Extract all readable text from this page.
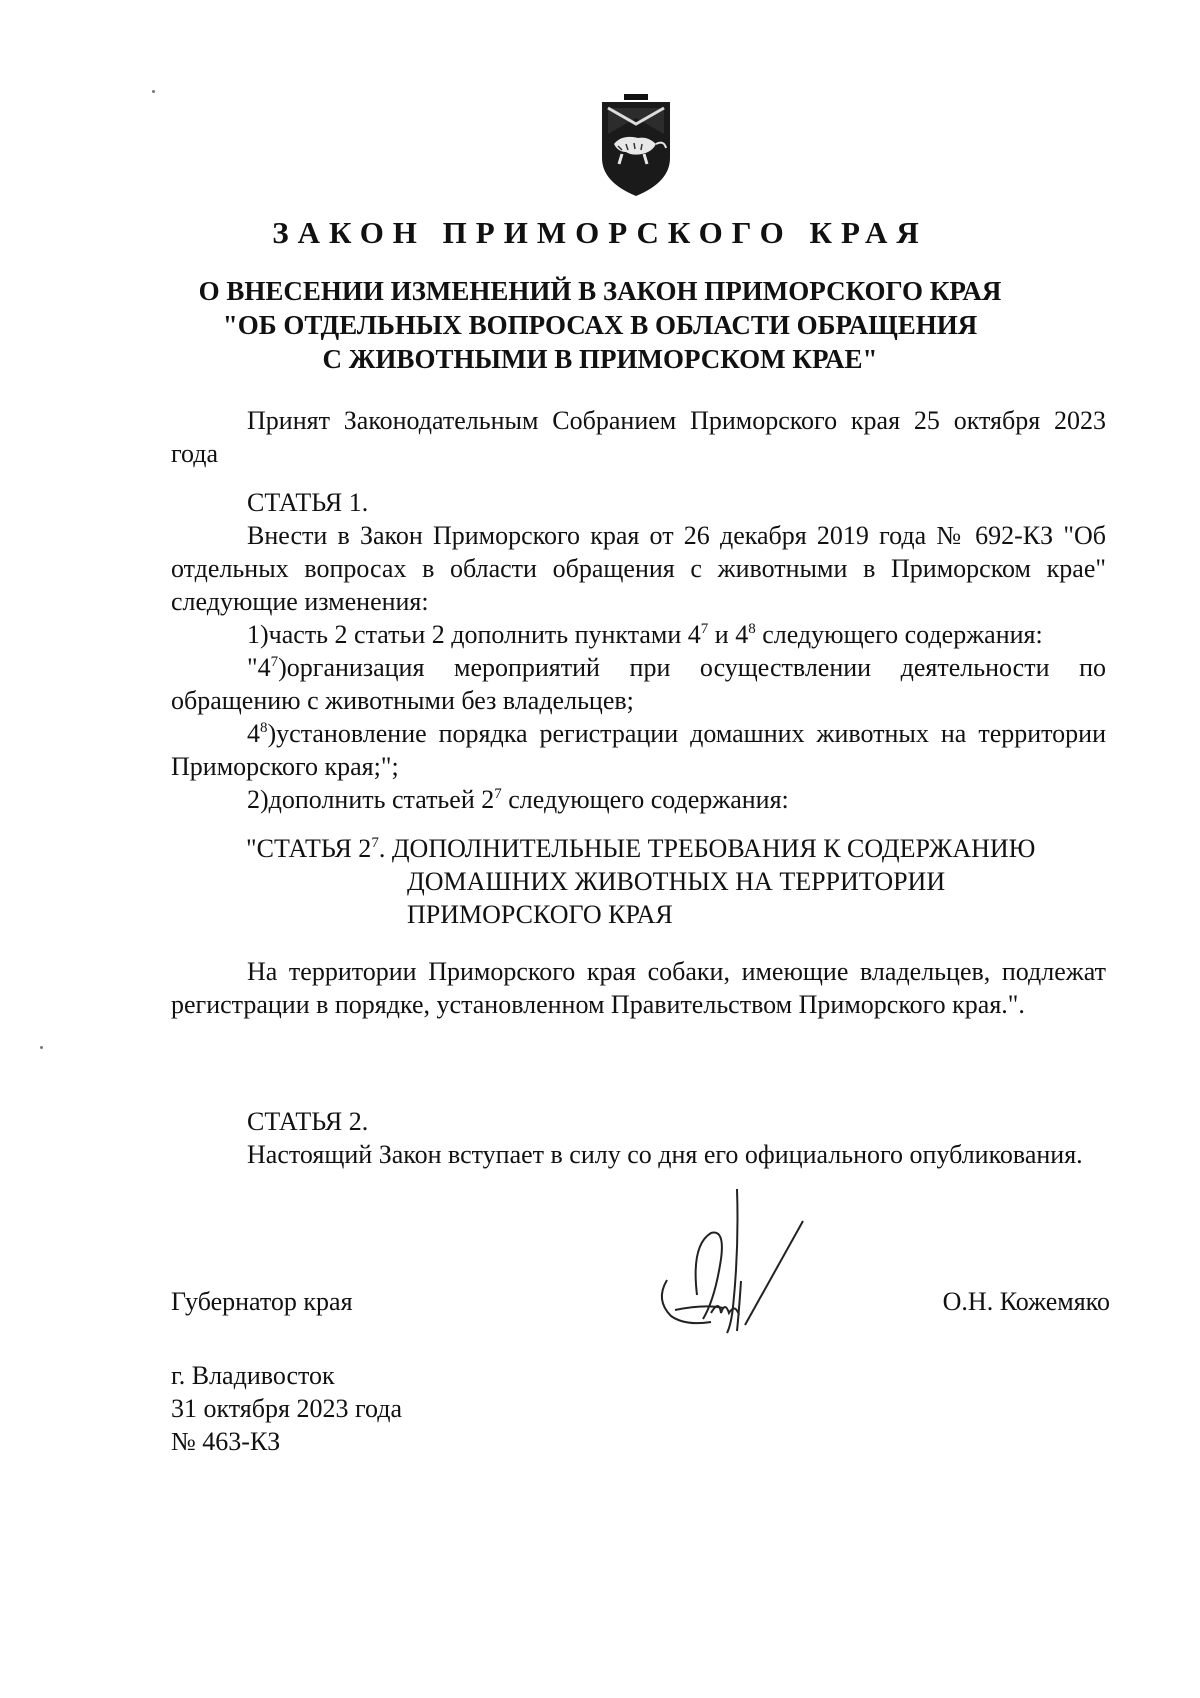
ЗАКОН ПРИМОРСКОГО КРАЯ
О ВНЕСЕНИИ ИЗМЕНЕНИЙ В ЗАКОН ПРИМОРСКОГО КРАЯ
"ОБ ОТДЕЛЬНЫХ ВОПРОСАХ В ОБЛАСТИ ОБРАЩЕНИЯ
С ЖИВОТНЫМИ В ПРИМОРСКОМ КРАЕ"

Принят Законодательным Собранием Приморского края 25 октября 2023 года

СТАТЬЯ 1.

Внести в Закон Приморского края от 26 декабря 2019 года № 692-КЗ "Об отдельных вопросах в области обращения с животными в Приморском крае" следующие изменения:

1)часть 2 статьи 2 дополнить пунктами $4^7$ и $4^8$ следующего содержания:

"$4^7)организация$ мероприятий при осуществлении деятельности по обращению с животными без владельцев;

$4^8)установление$ порядка регистрации домашних животных на территории Приморского края;";

2)дополнить статьей $2^7$ следующего содержания:
"СТАТЬЯ $2^7$. ДОПОЛНИТЕЛЬНЫЕ ТРЕБОВАНИЯ К СОДЕРЖАНИЮ
ДОМАШНИХ ЖИВОТНЫХ НА ТЕРРИТОРИИ
ПРИМОРСКОГО КРАЯ

На территории Приморского края собаки, имеющие владельцев, подлежат регистрации в порядке, установленном Правительством Приморского края.".

СТАТЬЯ 2.

Настоящий Закон вступает в силу со дня его официального опубликования.

Губернатор края	О.Н. Кожемяко
г. Владивосток
31 октября 2023 года
№ 463-КЗ
